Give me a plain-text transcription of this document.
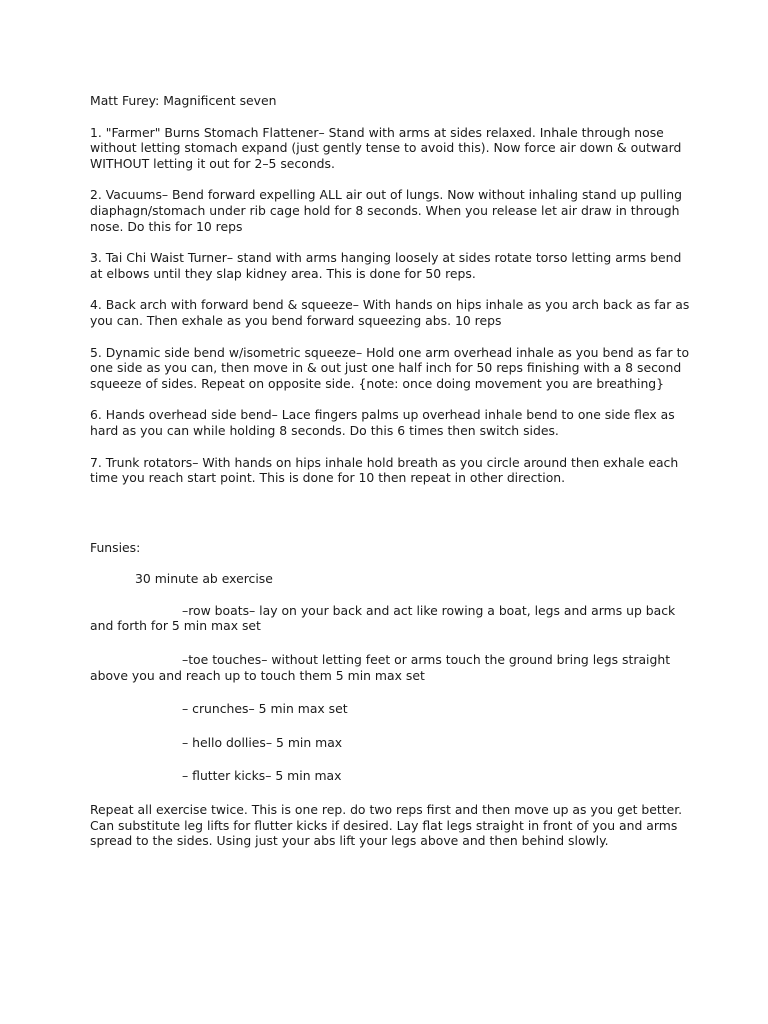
Matt Furey: Magnificent seven

1. "Farmer" Burns Stomach Flattener– Stand with arms at sides relaxed. Inhale through nose without letting stomach expand (just gently tense to avoid this). Now force air down & outward WITHOUT letting it out for 2–5 seconds.

2. Vacuums– Bend forward expelling ALL air out of lungs. Now without inhaling stand up pulling diaphagn/stomach under rib cage hold for 8 seconds. When you release let air draw in through nose. Do this for 10 reps

3. Tai Chi Waist Turner– stand with arms hanging loosely at sides rotate torso letting arms bend at elbows until they slap kidney area. This is done for 50 reps.

4. Back arch with forward bend & squeeze– With hands on hips inhale as you arch back as far as you can. Then exhale as you bend forward squeezing abs. 10 reps

5. Dynamic side bend w/isometric squeeze– Hold one arm overhead inhale as you bend as far to one side as you can, then move in & out just one half inch for 50 reps finishing with a 8 second squeeze of sides. Repeat on opposite side. {note: once doing movement you are breathing}

6. Hands overhead side bend– Lace fingers palms up overhead inhale bend to one side flex as hard as you can while holding 8 seconds. Do this 6 times then switch sides.

7. Trunk rotators– With hands on hips inhale hold breath as you circle around then exhale each time you reach start point. This is done for 10 then repeat in other direction.

Funsies:

30 minute ab exercise

–row boats– lay on your back and act like rowing a boat, legs and arms up back and forth for 5 min max set

–toe touches– without letting feet or arms touch the ground bring legs straight above you and reach up to touch them 5 min max set

– crunches– 5 min max set

– hello dollies– 5 min max

– flutter kicks– 5 min max

Repeat all exercise twice. This is one rep. do two reps first and then move up as you get better. Can substitute leg lifts for flutter kicks if desired. Lay flat legs straight in front of you and arms spread to the sides. Using just your abs lift your legs above and then behind slowly.
